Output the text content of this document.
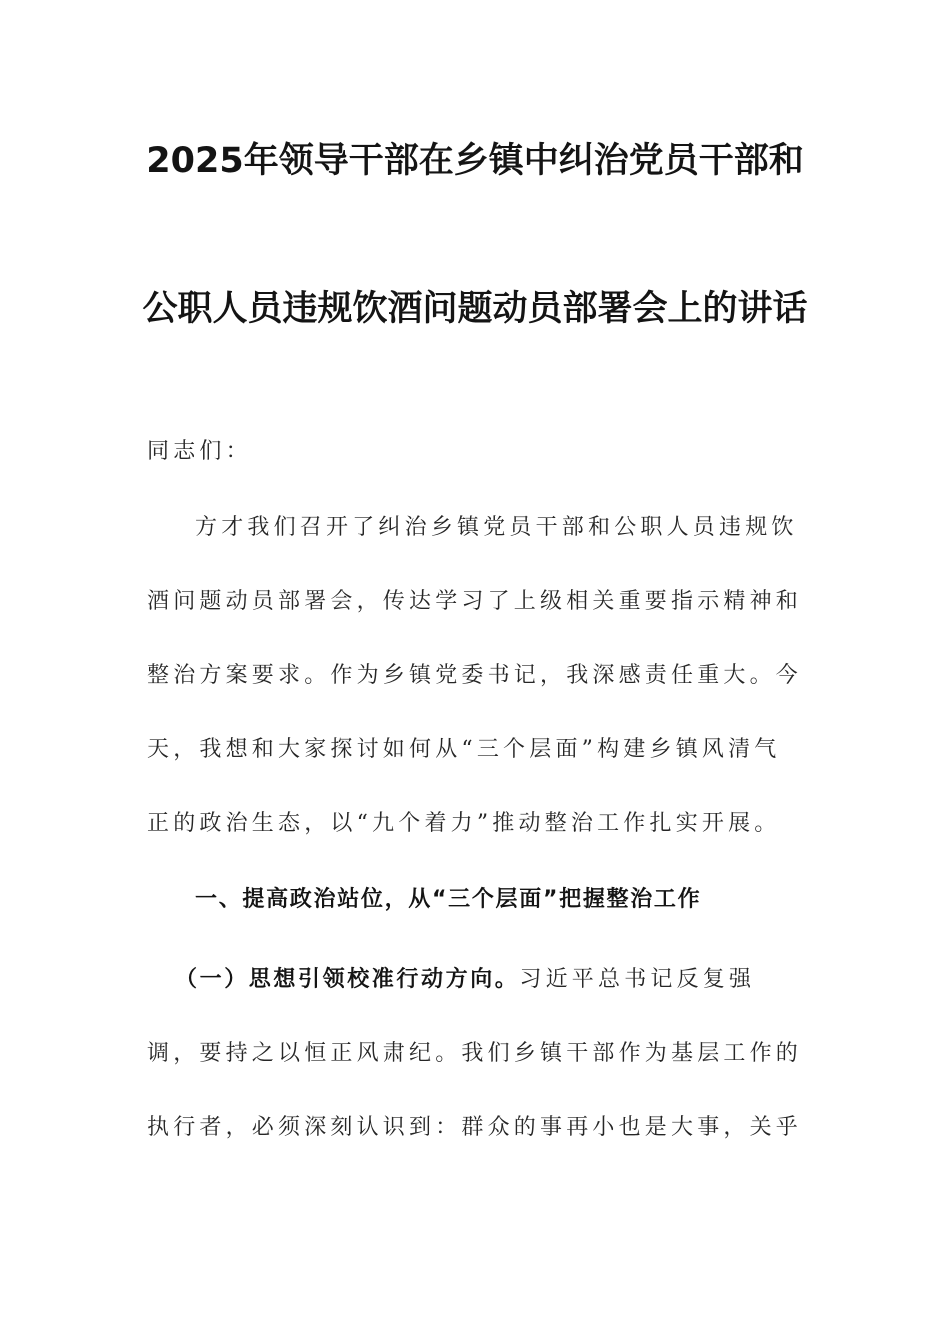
2025年领导干部在乡镇中纠治党员干部和
公职人员违规饮酒问题动员部署会上的讲话
同志们：
方才我们召开了纠治乡镇党员干部和公职人员违规饮
酒问题动员部署会，传达学习了上级相关重要指示精神和
整治方案要求。作为乡镇党委书记，我深感责任重大。今
天，我想和大家探讨如何从“三个层面”构建乡镇风清气
正的政治生态，以“九个着力”推动整治工作扎实开展。
一、提高政治站位，从“三个层面”把握整治工作
（一）思想引领校准行动方向。习近平总书记反复强
调，要持之以恒正风肃纪。我们乡镇干部作为基层工作的
执行者，必须深刻认识到：群众的事再小也是大事，关乎
